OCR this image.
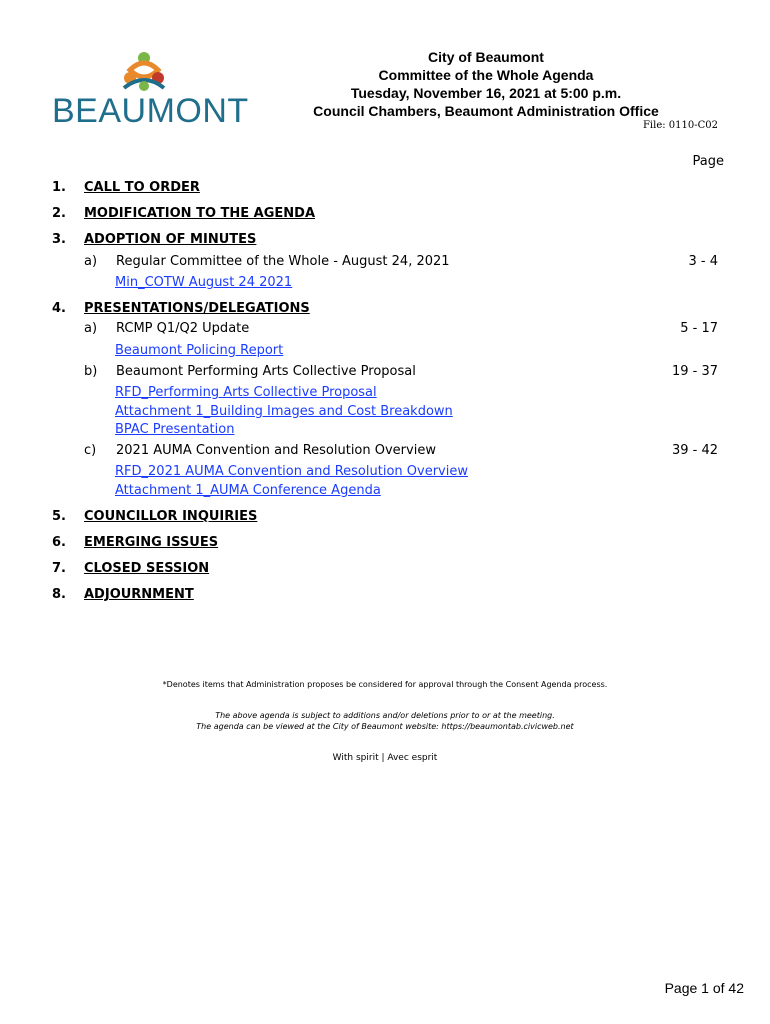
BEAUMONT
City of Beaumont
Committee of the Whole Agenda
Tuesday, November 16, 2021 at 5:00 p.m.
Council Chambers, Beaumont Administration Office
File: 0110-C02
Page
1. CALL TO ORDER
2. MODIFICATION TO THE AGENDA
3. ADOPTION OF MINUTES
a) Regular Committee of the Whole - August 24, 2021	3 - 4
Min_COTW August 24 2021
4. PRESENTATIONS/DELEGATIONS
a) RCMP Q1/Q2 Update	5 - 17
Beaumont Policing Report
b) Beaumont Performing Arts Collective Proposal	19 - 37
RFD_Performing Arts Collective Proposal
Attachment 1_Building Images and Cost Breakdown
BPAC Presentation
c) 2021 AUMA Convention and Resolution Overview	39 - 42
RFD_2021 AUMA Convention and Resolution Overview
Attachment 1_AUMA Conference Agenda
5. COUNCILLOR INQUIRIES
6. EMERGING ISSUES
7. CLOSED SESSION
8. ADJOURNMENT
*Denotes items that Administration proposes be considered for approval through the Consent Agenda process.
The above agenda is subject to additions and/or deletions prior to or at the meeting.
The agenda can be viewed at the City of Beaumont website: https://beaumontab.civicweb.net
With spirit | Avec esprit
Page 1 of 42
